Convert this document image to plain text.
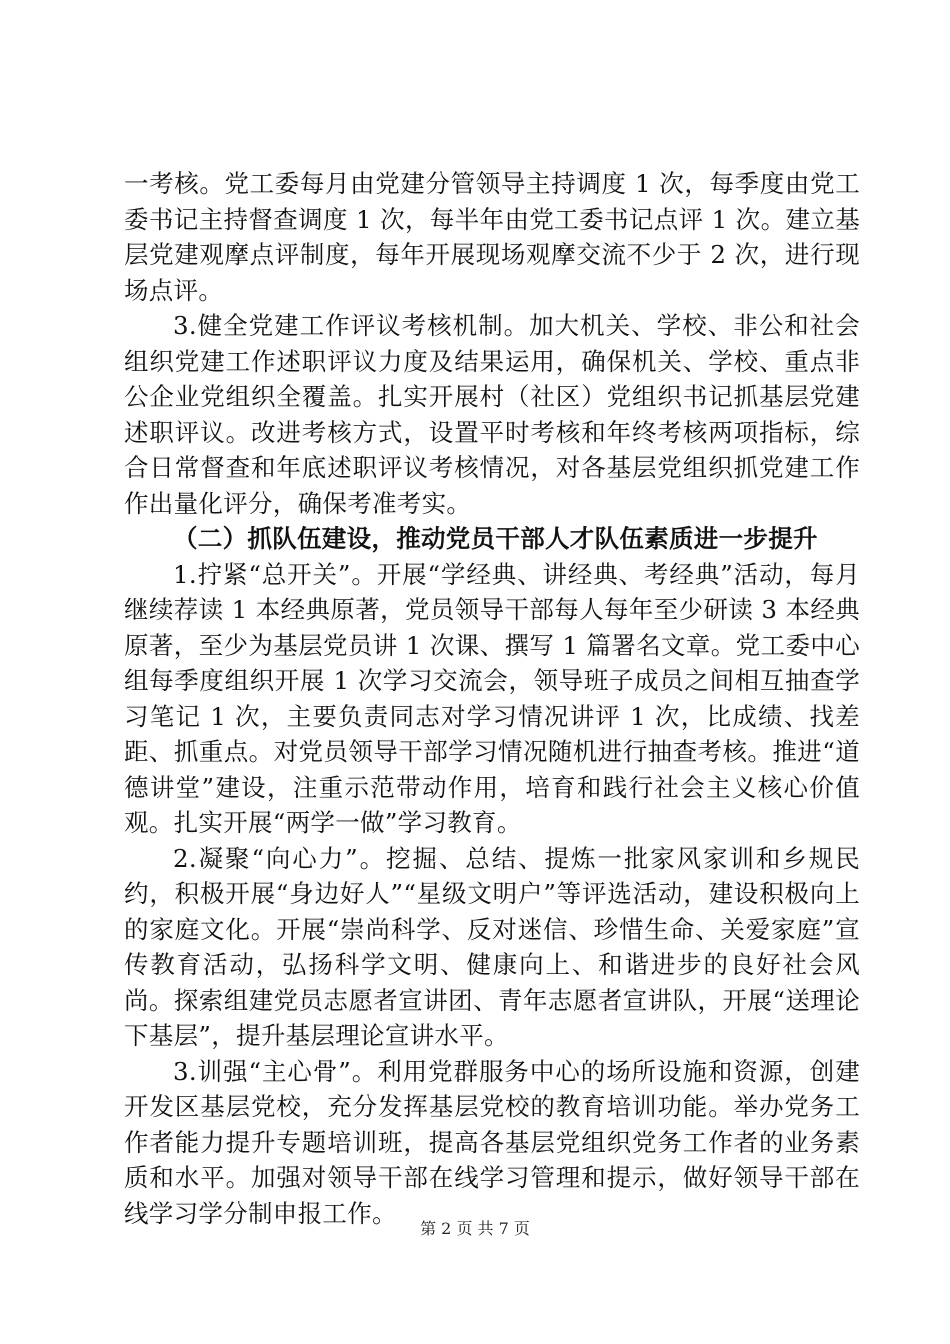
一考核。党工委每月由党建分管领导主持调度 1 次，每季度由党工委书记主持督查调度 1 次，每半年由党工委书记点评 1 次。建立基层党建观摩点评制度，每年开展现场观摩交流不少于 2 次，进行现场点评。

3.健全党建工作评议考核机制。加大机关、学校、非公和社会组织党建工作述职评议力度及结果运用，确保机关、学校、重点非公企业党组织全覆盖。扎实开展村（社区）党组织书记抓基层党建述职评议。改进考核方式，设置平时考核和年终考核两项指标，综合日常督查和年底述职评议考核情况，对各基层党组织抓党建工作作出量化评分，确保考准考实。

（二）抓队伍建设，推动党员干部人才队伍素质进一步提升

1.拧紧“总开关”。开展“学经典、讲经典、考经典”活动，每月继续荐读 1 本经典原著，党员领导干部每人每年至少研读 3 本经典原著，至少为基层党员讲 1 次课、撰写 1 篇署名文章。党工委中心组每季度组织开展 1 次学习交流会，领导班子成员之间相互抽查学习笔记 1 次，主要负责同志对学习情况讲评 1 次，比成绩、找差距、抓重点。对党员领导干部学习情况随机进行抽查考核。推进“道德讲堂”建设，注重示范带动作用，培育和践行社会主义核心价值观。扎实开展“两学一做”学习教育。

2.凝聚“向心力”。挖掘、总结、提炼一批家风家训和乡规民约，积极开展“身边好人”“星级文明户”等评选活动，建设积极向上的家庭文化。开展“崇尚科学、反对迷信、珍惜生命、关爱家庭”宣传教育活动，弘扬科学文明、健康向上、和谐进步的良好社会风尚。探索组建党员志愿者宣讲团、青年志愿者宣讲队，开展“送理论下基层”，提升基层理论宣讲水平。

3.训强“主心骨”。利用党群服务中心的场所设施和资源，创建开发区基层党校，充分发挥基层党校的教育培训功能。举办党务工作者能力提升专题培训班，提高各基层党组织党务工作者的业务素质和水平。加强对领导干部在线学习管理和提示，做好领导干部在线学习学分制申报工作。

第 2 页 共 7 页
